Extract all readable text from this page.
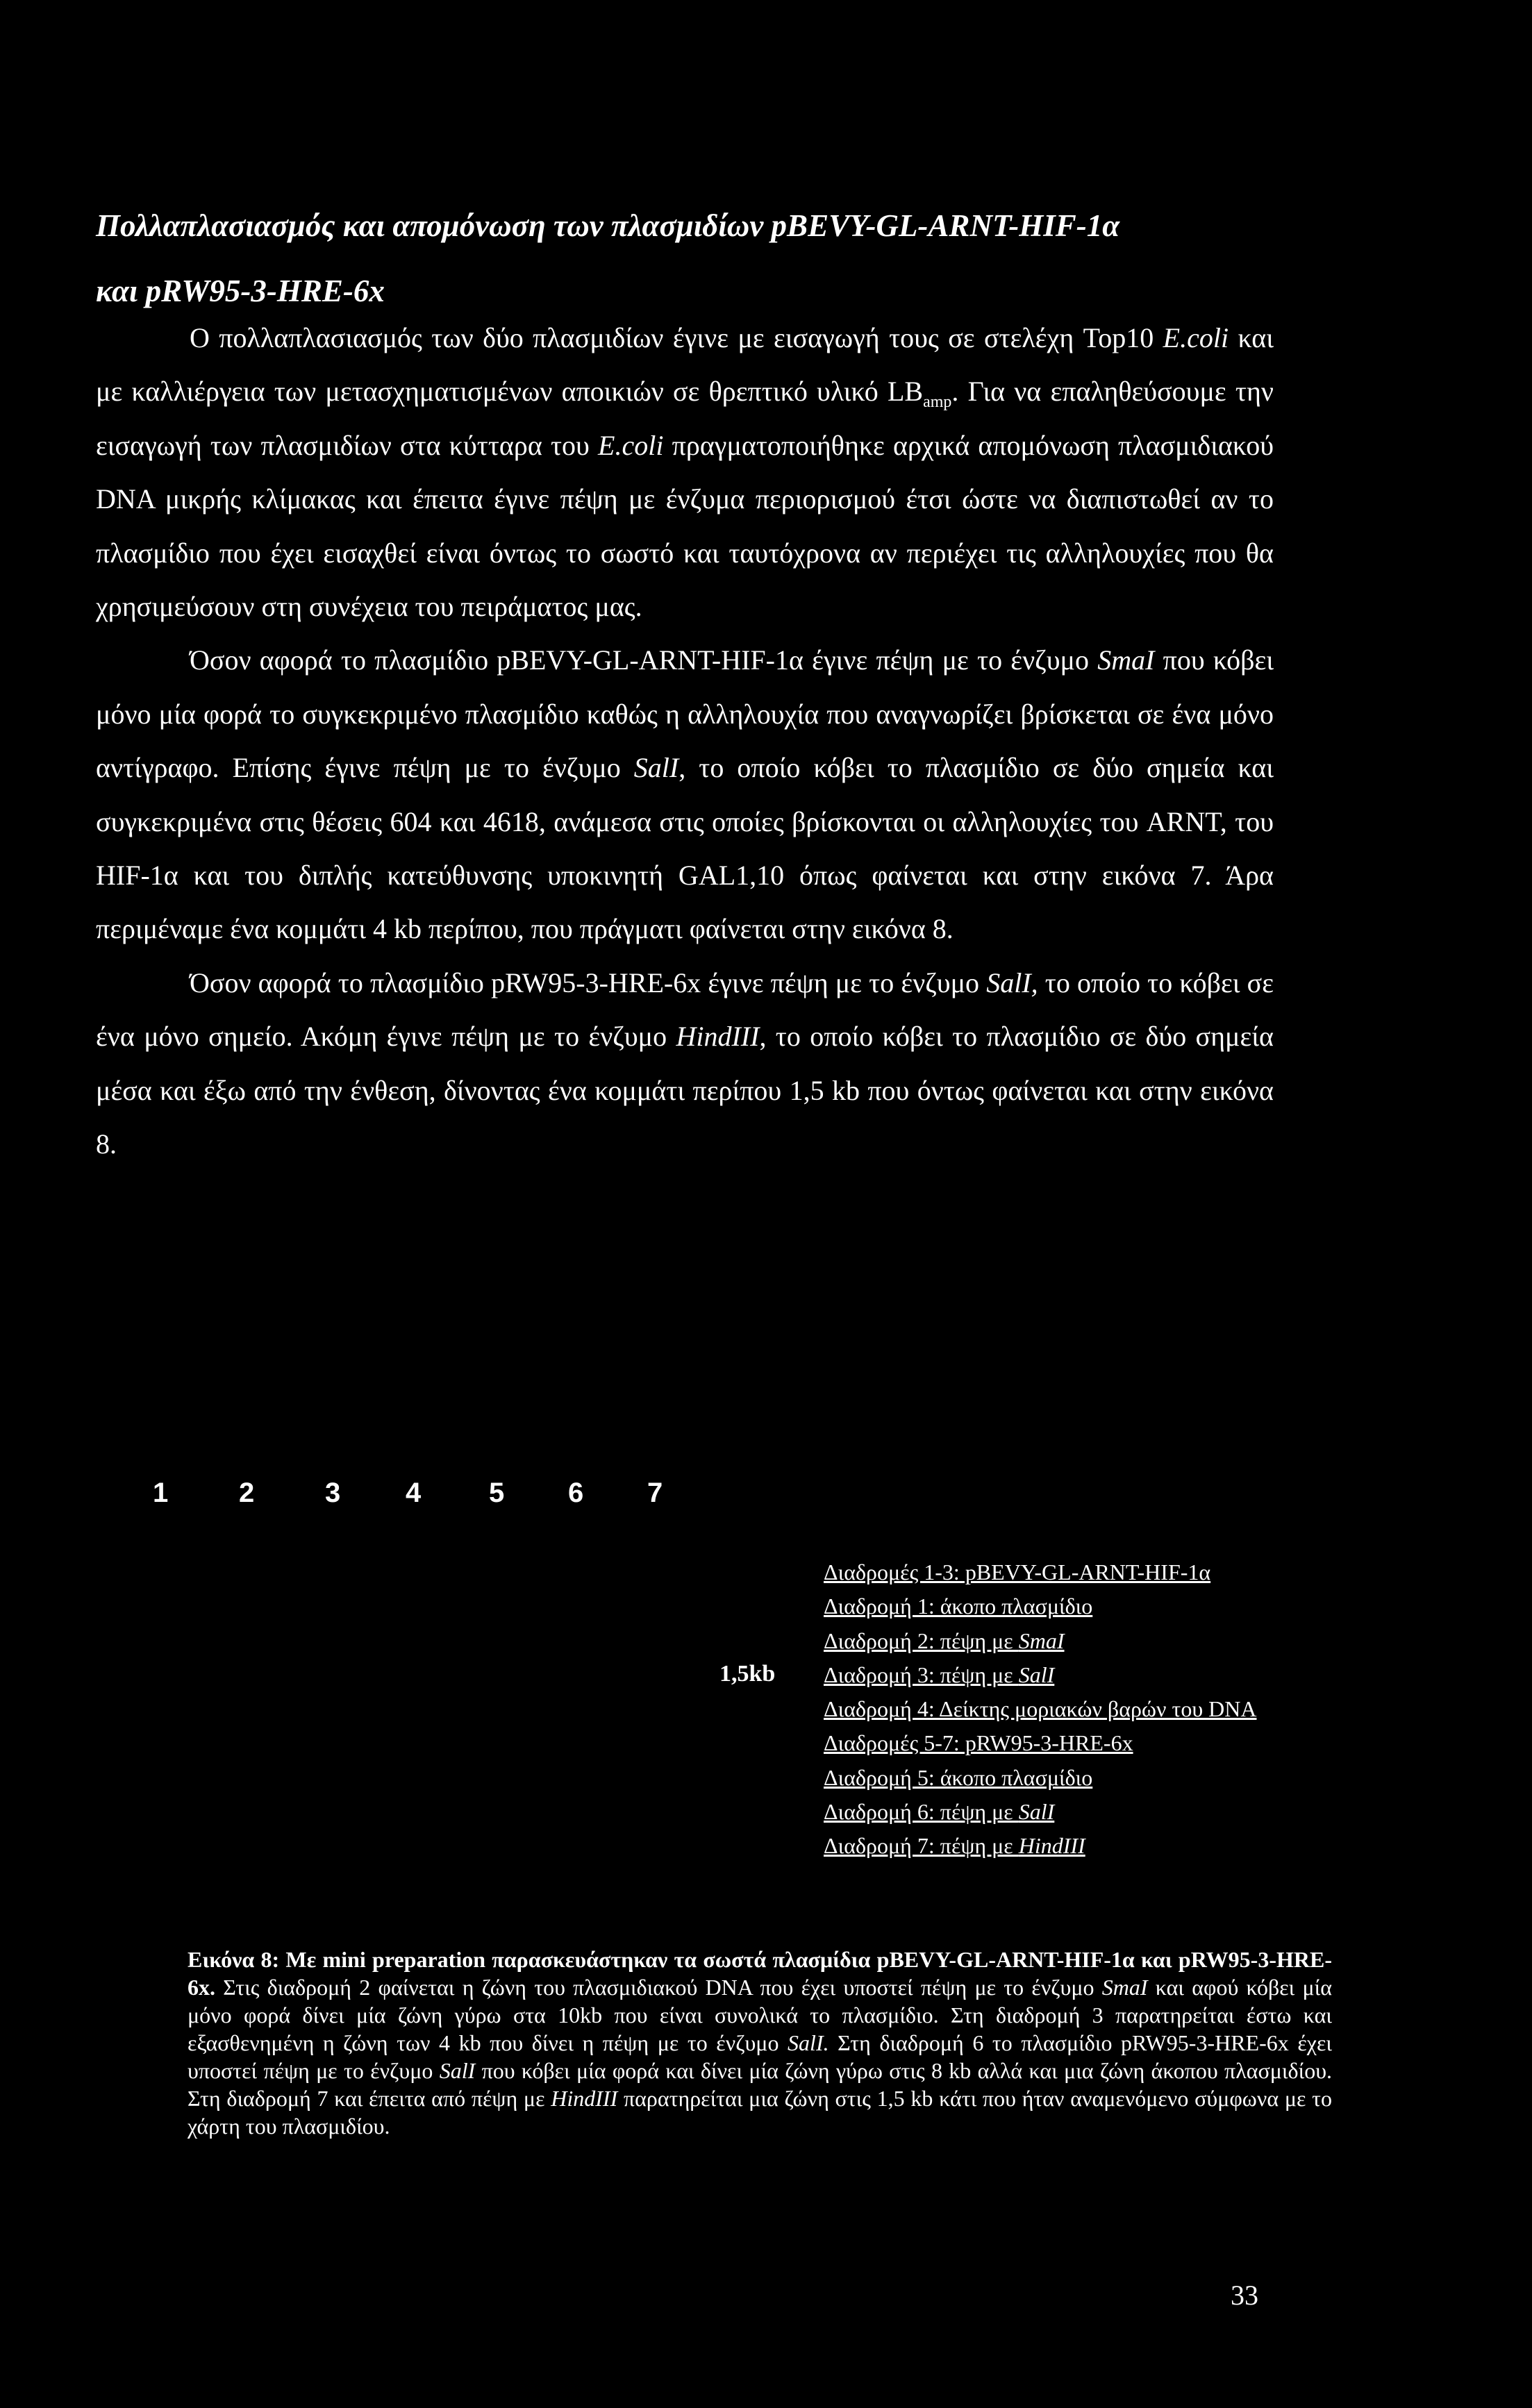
Πολλαπλασιασμός και απομόνωση των πλασμιδίων pBEVY-GL-ARNT-HIF-1α
και pRW95-3-HRE-6x

Ο πολλαπλασιασμός των δύο πλασμιδίων έγινε με εισαγωγή τους σε στελέχη Top10 E.coli και με καλλιέργεια των μετασχηματισμένων αποικιών σε θρεπτικό υλικό $LB_{amp}$. Για να επαληθεύσουμε την εισαγωγή των πλασμιδίων στα κύτταρα του E.coli πραγματοποιήθηκε αρχικά απομόνωση πλασμιδιακού DNA μικρής κλίμακας και έπειτα έγινε πέψη με ένζυμα περιορισμού έτσι ώστε να διαπιστωθεί αν το πλασμίδιο που έχει εισαχθεί είναι όντως το σωστό και ταυτόχρονα αν περιέχει τις αλληλουχίες που θα χρησιμεύσουν στη συνέχεια του πειράματος μας.

Όσον αφορά το πλασμίδιο pBEVY-GL-ARNT-HIF-1α έγινε πέψη με το ένζυμο SmaI που κόβει μόνο μία φορά το συγκεκριμένο πλασμίδιο καθώς η αλληλουχία που αναγνωρίζει βρίσκεται σε ένα μόνο αντίγραφο. Επίσης έγινε πέψη με το ένζυμο SalI, το οποίο κόβει το πλασμίδιο σε δύο σημεία και συγκεκριμένα στις θέσεις 604 και 4618, ανάμεσα στις οποίες βρίσκονται οι αλληλουχίες του ARNT, του HIF-1α και του διπλής κατεύθυνσης υποκινητή GAL1,10 όπως φαίνεται και στην εικόνα 7. Άρα περιμέναμε ένα κομμάτι 4 kb περίπου, που πράγματι φαίνεται στην εικόνα 8.

Όσον αφορά το πλασμίδιο pRW95-3-HRE-6x έγινε πέψη με το ένζυμο SalI, το οποίο το κόβει σε ένα μόνο σημείο. Ακόμη έγινε πέψη με το ένζυμο HindIII, το οποίο κόβει το πλασμίδιο σε δύο σημεία μέσα και έξω από την ένθεση, δίνοντας ένα κομμάτι περίπου 1,5 kb που όντως φαίνεται και στην εικόνα 8.

1	2	3 4 5 6 7
1,5kb
Διαδρομές 1-3: pBEVY-GL-ARNT-HIF-1α
Διαδρομή 1: άκοπο πλασμίδιο
Διαδρομή 2: πέψη με SmaI
Διαδρομή 3: πέψη με SalI
Διαδρομή 4: Δείκτης μοριακών βαρών του DNA
Διαδρομές 5-7: pRW95-3-HRE-6x
Διαδρομή 5: άκοπο πλασμίδιο
Διαδρομή 6: πέψη με SalI
Διαδρομή 7: πέψη με HindIII
Εικόνα 8: Με mini preparation παρασκευάστηκαν τα σωστά πλασμίδια pBEVY-GL-ARNT-HIF-1α και pRW95-3-HRE-6x. Στις διαδρομή 2 φαίνεται η ζώνη του πλασμιδιακού DNA που έχει υποστεί πέψη με το ένζυμο SmaI και αφού κόβει μία μόνο φορά δίνει μία ζώνη γύρω στα 10kb που είναι συνολικά το πλασμίδιο. Στη διαδρομή 3 παρατηρείται έστω και εξασθενημένη η ζώνη των 4 kb που δίνει η πέψη με το ένζυμο SalI. Στη διαδρομή 6 το πλασμίδιο pRW95-3-HRE-6x έχει υποστεί πέψη με το ένζυμο SalI που κόβει μία φορά και δίνει μία ζώνη γύρω στις 8 kb αλλά και μια ζώνη άκοπου πλασμιδίου. Στη διαδρομή 7 και έπειτα από πέψη με HindIII παρατηρείται μια ζώνη στις 1,5 kb κάτι που ήταν αναμενόμενο σύμφωνα με το χάρτη του πλασμιδίου.
33
